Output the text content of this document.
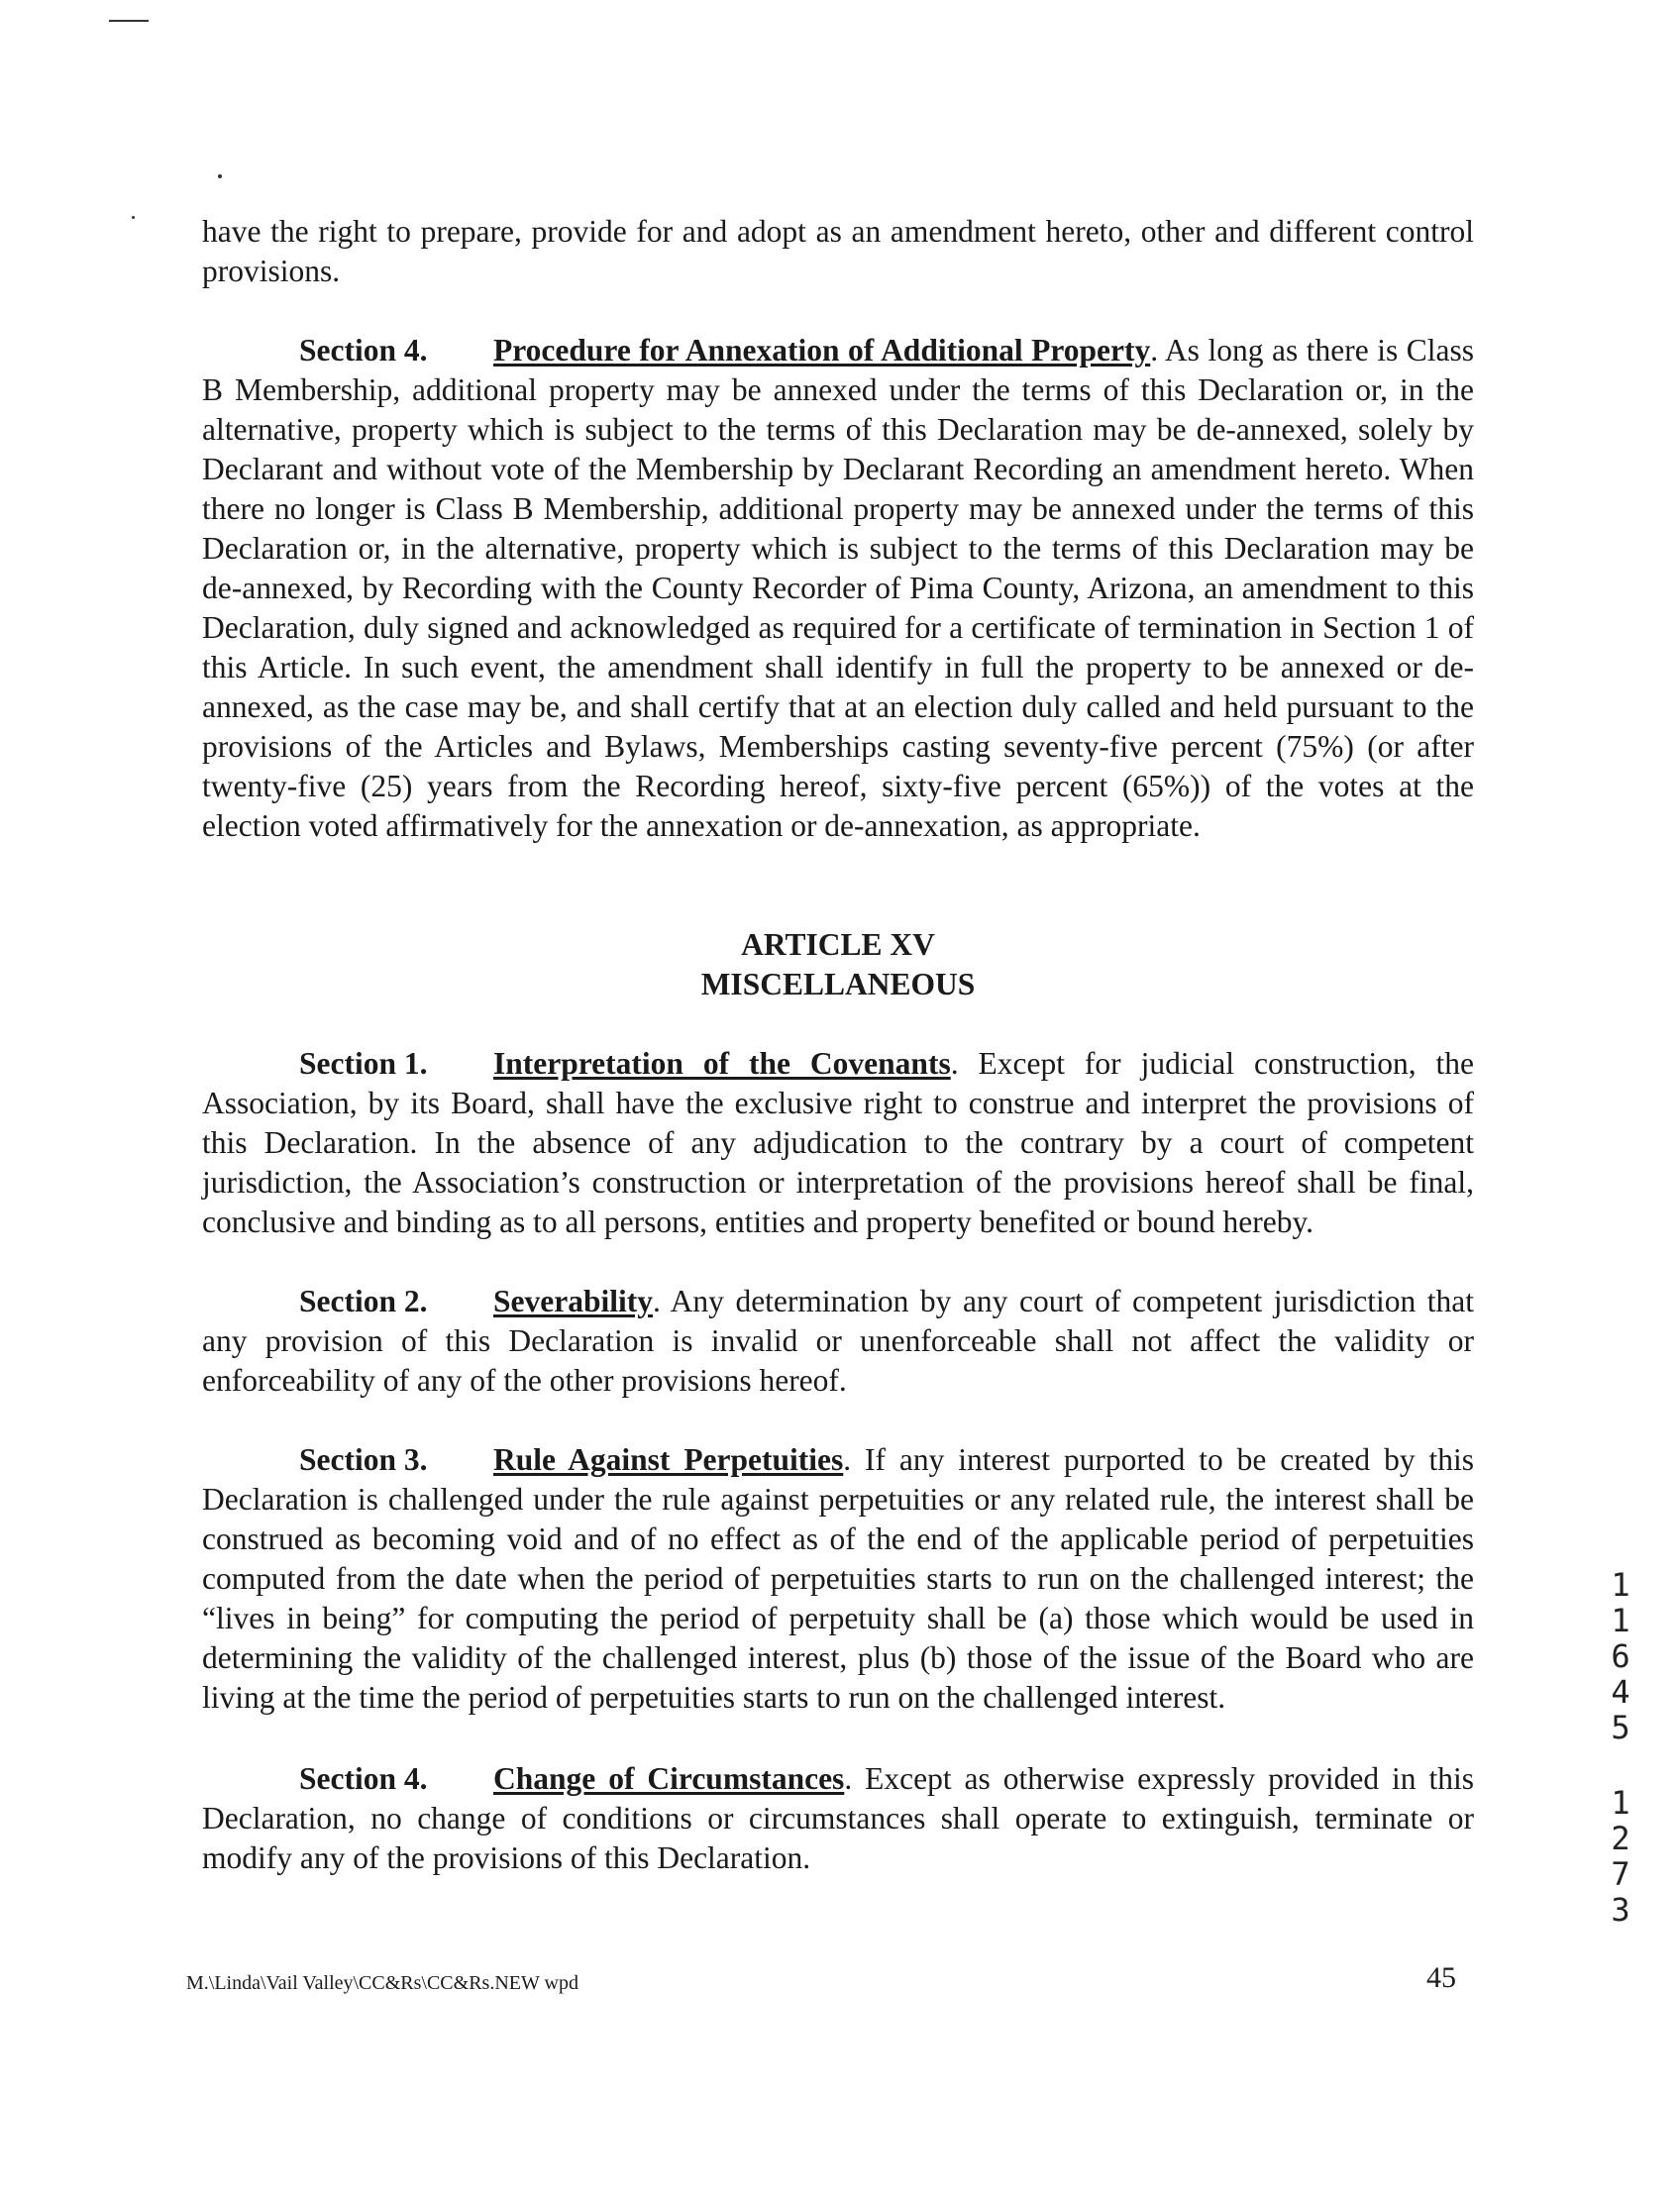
have the right to prepare, provide for and adopt as an amendment hereto, other and different control provisions.

Section 4. Procedure for Annexation of Additional Property. As long as there is Class B Membership, additional property may be annexed under the terms of this Declaration or, in the alternative, property which is subject to the terms of this Declaration may be de-annexed, solely by Declarant and without vote of the Membership by Declarant Recording an amendment hereto. When there no longer is Class B Membership, additional property may be annexed under the terms of this Declaration or, in the alternative, property which is subject to the terms of this Declaration may be de-annexed, by Recording with the County Recorder of Pima County, Arizona, an amendment to this Declaration, duly signed and acknowledged as required for a certificate of termination in Section 1 of this Article. In such event, the amendment shall identify in full the property to be annexed or de-annexed, as the case may be, and shall certify that at an election duly called and held pursuant to the provisions of the Articles and Bylaws, Memberships casting seventy-five percent (75%) (or after twenty-five (25) years from the Recording hereof, sixty-five percent (65%)) of the votes at the election voted affirmatively for the annexation or de-annexation, as appropriate.

ARTICLE XV
MISCELLANEOUS

Section 1. Interpretation of the Covenants. Except for judicial construction, the Association, by its Board, shall have the exclusive right to construe and interpret the provisions of this Declaration. In the absence of any adjudication to the contrary by a court of competent jurisdiction, the Association’s construction or interpretation of the provisions hereof shall be final, conclusive and binding as to all persons, entities and property benefited or bound hereby.

Section 2. Severability. Any determination by any court of competent jurisdiction that any provision of this Declaration is invalid or unenforceable shall not affect the validity or enforceability of any of the other provisions hereof.

Section 3. Rule Against Perpetuities. If any interest purported to be created by this Declaration is challenged under the rule against perpetuities or any related rule, the interest shall be construed as becoming void and of no effect as of the end of the applicable period of perpetuities computed from the date when the period of perpetuities starts to run on the challenged interest; the “lives in being” for computing the period of perpetuity shall be (a) those which would be used in determining the validity of the challenged interest, plus (b) those of the issue of the Board who are living at the time the period of perpetuities starts to run on the challenged interest.

Section 4. Change of Circumstances. Except as otherwise expressly provided in this Declaration, no change of conditions or circumstances shall operate to extinguish, terminate or modify any of the provisions of this Declaration.

M.\Linda\Vail Valley\CC&Rs\CC&Rs.NEW wpd	45
1
1
6
4
5
1
2
7
3
